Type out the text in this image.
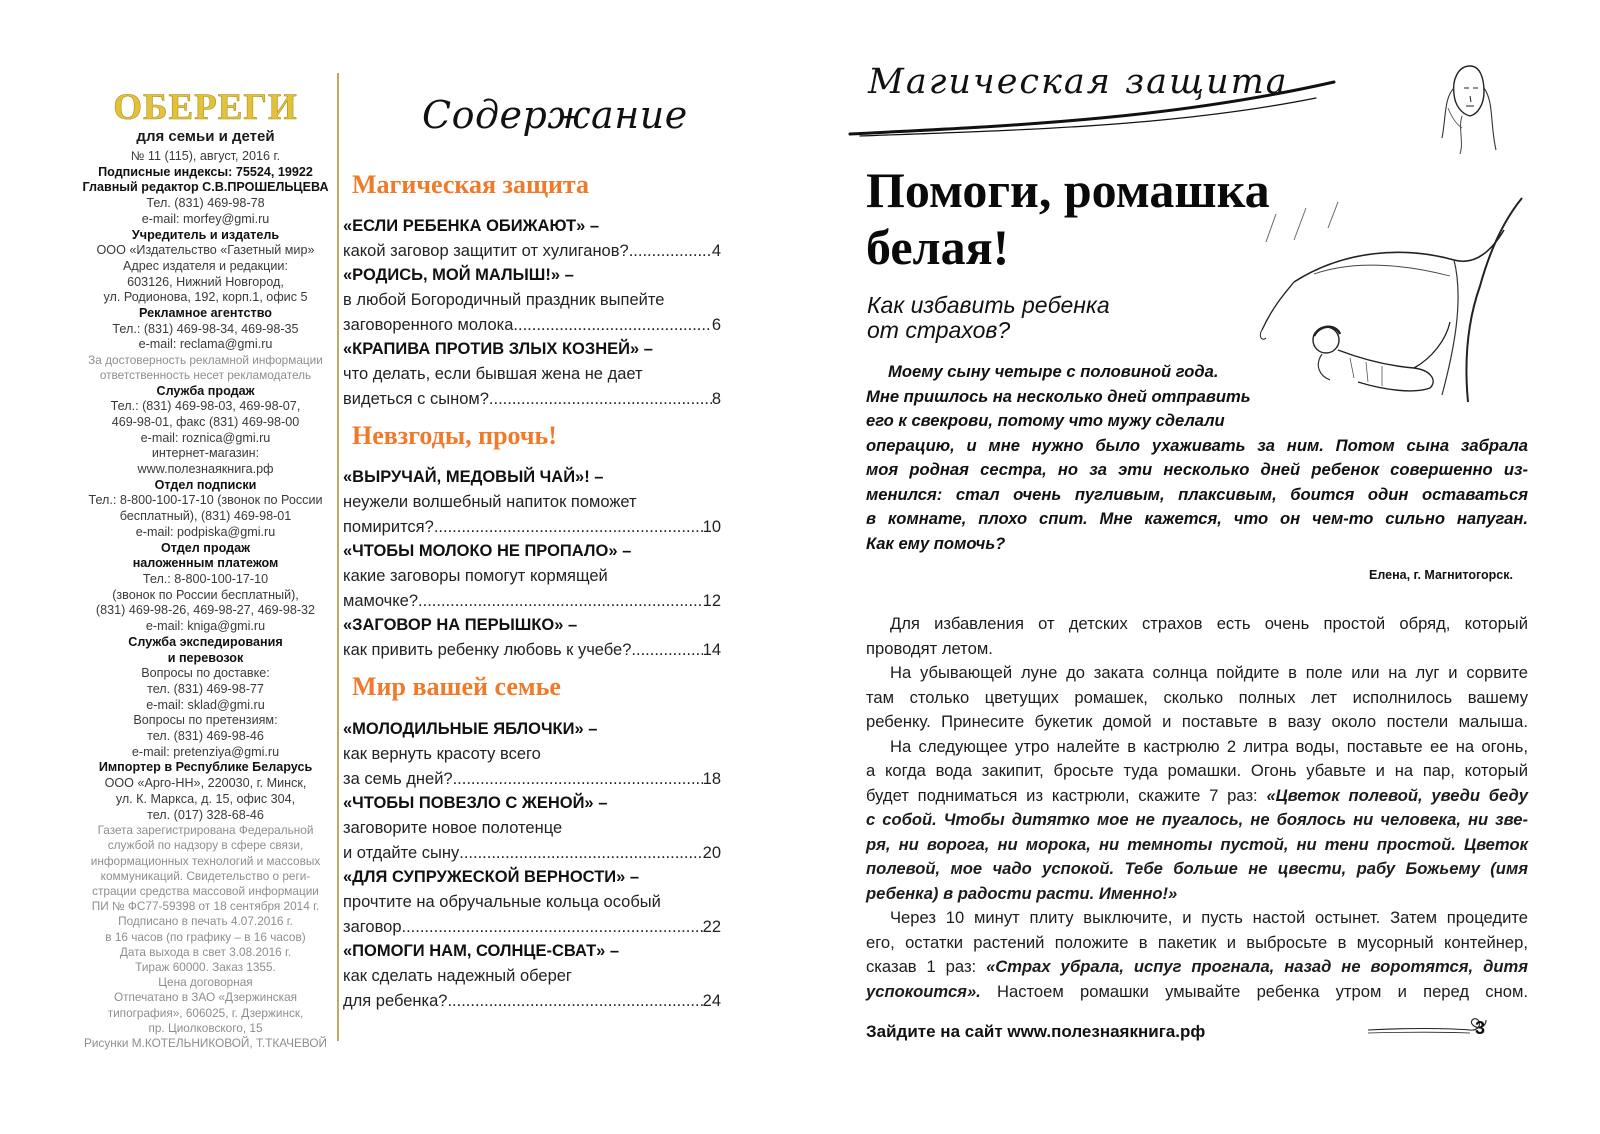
ОБЕРЕГИ
для семьи и детей
№ 11 (115), август, 2016 г.
Подписные индексы: 75524, 19922
Главный редактор С.В.ПРОШЕЛЬЦЕВА
Тел. (831) 469-98-78
e-mail: morfey@gmi.ru
Учредитель и издатель
ООО «Издательство «Газетный мир»
Адрес издателя и редакции:
603126, Нижний Новгород,
ул. Родионова, 192, корп.1, офис 5
Рекламное агентство
Тел.: (831) 469-98-34, 469-98-35
e-mail: reclama@gmi.ru
За достоверность рекламной информации
ответственность несет рекламодатель
Служба продаж
Тел.: (831) 469-98-03, 469-98-07,
469-98-01, факс (831) 469-98-00
e-mail: roznica@gmi.ru
интернет-магазин:
www.полезнаякнига.рф
Отдел подписки
Тел.: 8-800-100-17-10 (звонок по России
бесплатный), (831) 469-98-01
e-mail: podpiska@gmi.ru
Отдел продаж
наложенным платежом
Тел.: 8-800-100-17-10
(звонок по России бесплатный),
(831) 469-98-26, 469-98-27, 469-98-32
e-mail: kniga@gmi.ru
Служба экспедирования
и перевозок
Вопросы по доставке:
тел. (831) 469-98-77
e-mail: sklad@gmi.ru
Вопросы по претензиям:
тел. (831) 469-98-46
e-mail: pretenziya@gmi.ru
Импортер в Республике Беларусь
ООО «Арго-НН», 220030, г. Минск,
ул. К. Маркса, д. 15, офис 304,
тел. (017) 328-68-46
Газета зарегистрирована Федеральной
службой по надзору в сфере связи,
информационных технологий и массовых
коммуникаций. Свидетельство о реги-
страции средства массовой информации
ПИ № ФС77-59398 от 18 сентября 2014 г.
Подписано в печать 4.07.2016 г.
в 16 часов (по графику – в 16 часов)
Дата выхода в свет 3.08.2016 г.
Тираж 60000. Заказ 1355.
Цена договорная
Отпечатано в ЗАО «Дзержинская
типография», 606025, г. Дзержинск,
пр. Циолковского, 15
Рисунки М.КОТЕЛЬНИКОВОЙ, Т.ТКАЧЕВОЙ
Содержание
Магическая защита
«ЕСЛИ РЕБЕНКА ОБИЖАЮТ» –
какой заговор защитит от хулиганов? .....	4
«РОДИСЬ, МОЙ МАЛЫШ!» –
в любой Богородичный праздник выпейте
заговоренного молока .....	6
«КРАПИВА ПРОТИВ ЗЛЫХ КОЗНЕЙ» –
что делать, если бывшая жена не дает
видеться с сыном? .....	8
Невзгоды, прочь!
«ВЫРУЧАЙ, МЕДОВЫЙ ЧАЙ»! –
неужели волшебный напиток поможет
помирится? .....	10
«ЧТОБЫ МОЛОКО НЕ ПРОПАЛО» –
какие заговоры помогут кормящей
мамочке? .....	12
«ЗАГОВОР НА ПЕРЫШКО» –
как привить ребенку любовь к учебе? .....	14
Мир вашей семье
«МОЛОДИЛЬНЫЕ ЯБЛОЧКИ» –
как вернуть красоту всего
за семь дней? .....	18
«ЧТОБЫ ПОВЕЗЛО С ЖЕНОЙ» –
заговорите новое полотенце
и отдайте сыну .....	20
«ДЛЯ СУПРУЖЕСКОЙ ВЕРНОСТИ» –
прочтите на обручальные кольца особый
заговор .....	22
«ПОМОГИ НАМ, СОЛНЦЕ-СВАТ» –
как сделать надежный оберег
для ребенка? .....	24
Магическая защита
Помоги, ромашка
белая!
Как избавить ребенка
от страхов?
Моему сыну четыре с половиной года.
Мне пришлось на несколько дней отправить
его к свекрови, потому что мужу сделали
операцию, и мне нужно было ухаживать за ним. Потом сына забрала
моя родная сестра, но за эти несколько дней ребенок совершенно из-
менился: стал очень пугливым, плаксивым, боится один оставаться
в комнате, плохо спит. Мне кажется, что он чем-то сильно напуган.
Как ему помочь?
Елена, г. Магнитогорск.
Для избавления от детских страхов есть очень простой обряд, который
проводят летом.
На убывающей луне до заката солнца пойдите в поле или на луг и сорвите
там столько цветущих ромашек, сколько полных лет исполнилось вашему
ребенку. Принесите букетик домой и поставьте в вазу около постели малыша.
На следующее утро налейте в кастрюлю 2 литра воды, поставьте ее на огонь,
а когда вода закипит, бросьте туда ромашки. Огонь убавьте и на пар, который
будет подниматься из кастрюли, скажите 7 раз: «Цветок полевой, уведи беду
с собой. Чтобы дитятко мое не пугалось, не боялось ни человека, ни зве-
ря, ни ворога, ни морока, ни темноты пустой, ни тени простой. Цветок
полевой, мое чадо успокой. Тебе больше не цвести, рабу Божьему (имя
ребенка) в радости расти. Именно!»
Через 10 минут плиту выключите, и пусть настой остынет. Затем процедите
его, остатки растений положите в пакетик и выбросьте в мусорный контейнер,
сказав 1 раз: «Страх убрала, испуг прогнала, назад не воротятся, дитя
успокоится». Настоем ромашки умывайте ребенка утром и перед сном.
Зайдите на сайт www.полезнаякнига.рф	3
